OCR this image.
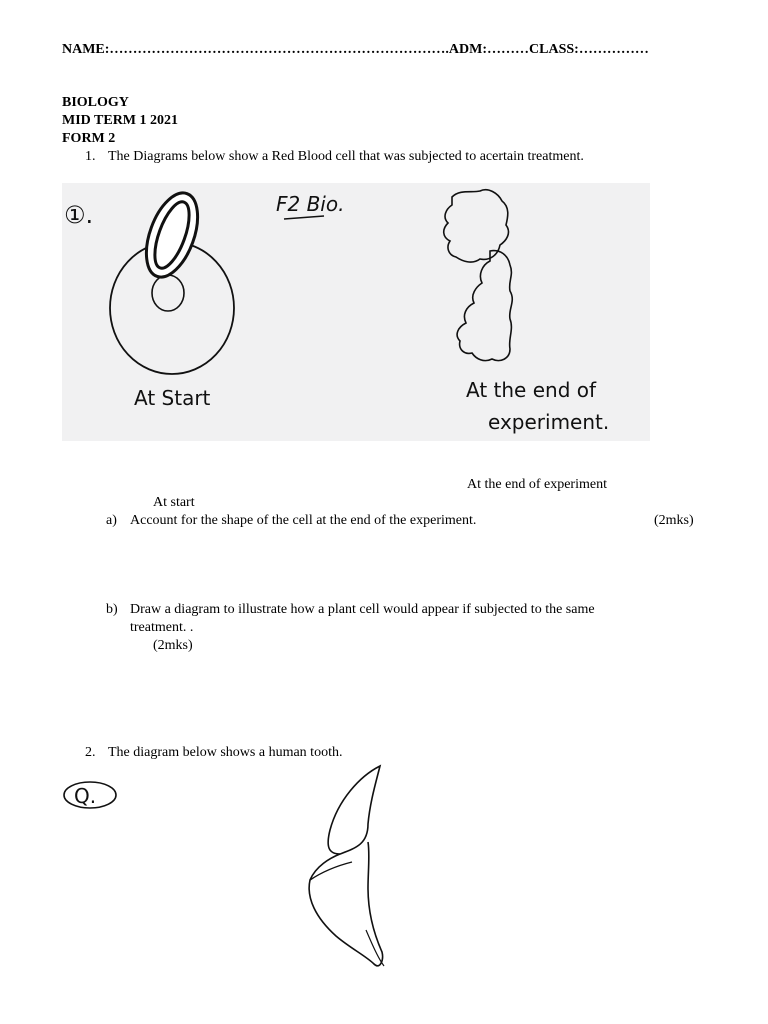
NAME:……………………………………………………………….ADM:………CLASS:……………
BIOLOGY
MID TERM 1 2021
FORM 2
1. The Diagrams below show a Red Blood cell that was subjected to acertain treatment.
①.	F2 Bio.
At Start	At the end of
experiment.
At the end of experiment
At start
a) Account for the shape of the cell at the end of the experiment.	(2mks)
b) Draw a diagram to illustrate how a plant cell would appear if subjected to the same
treatment. .
(2mks)
2. The diagram below shows a human tooth.
Q.
